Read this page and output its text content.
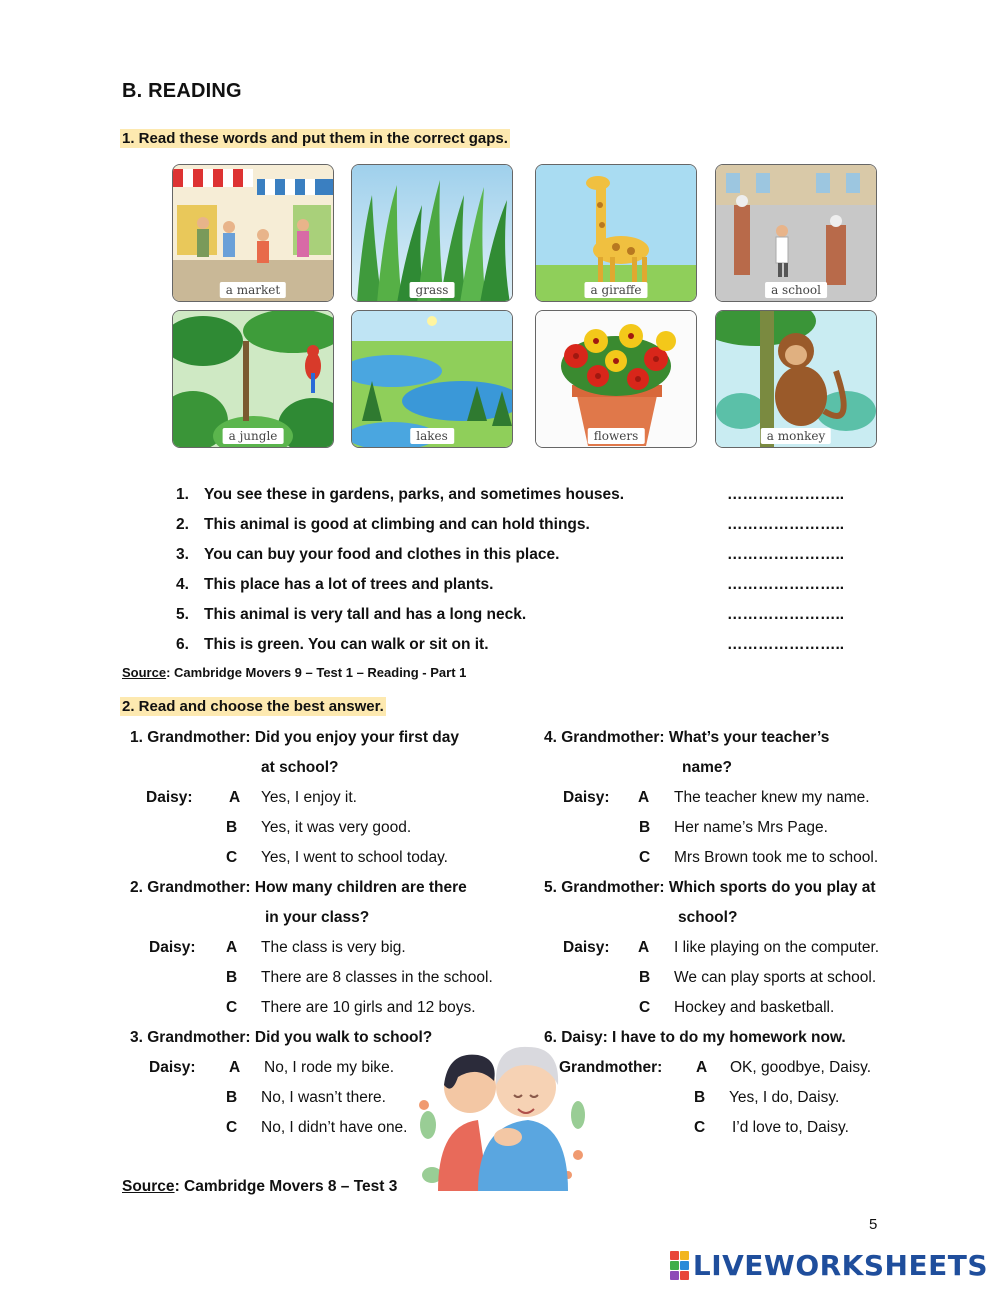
B. READING
1. Read these words and put them in the correct gaps.
a market	grass	a giraffe	a school
a jungle	lakes	flowers	a monkey
1. You see these in gardens, parks, and sometimes houses.	…………………..
2. This animal is good at climbing and can hold things.	…………………..
3. You can buy your food and clothes in this place.	…………………..
4. This place has a lot of trees and plants.	…………………..
5. This animal is very tall and has a long neck.	…………………..
6. This is green. You can walk or sit on it.	…………………..
Source: Cambridge Movers 9 – Test 1 – Reading - Part 1
2. Read and choose the best answer.
1. Grandmother: Did you enjoy your first day
at school?
Daisy: A Yes, I enjoy it.
B Yes, it was very good.
C Yes, I went to school today.
2. Grandmother: How many children are there
in your class?
Daisy: A The class is very big.
B There are 8 classes in the school.
C There are 10 girls and 12 boys.
3. Grandmother: Did you walk to school?
Daisy: A No, I rode my bike.
B No, I wasn’t there.
C No, I didn’t have one.
4. Grandmother: What’s your teacher’s
name?
Daisy: A The teacher knew my name.
B Her name’s Mrs Page.
C Mrs Brown took me to school.
5. Grandmother: Which sports do you play at
school?
Daisy: A I like playing on the computer.
B We can play sports at school.
C Hockey and basketball.
6. Daisy: I have to do my homework now.
Grandmother: A OK, goodbye, Daisy.
B Yes, I do, Daisy.
C I’d love to, Daisy.
Source: Cambridge Movers 8 – Test 3
5
LIVEWORKSHEETS
